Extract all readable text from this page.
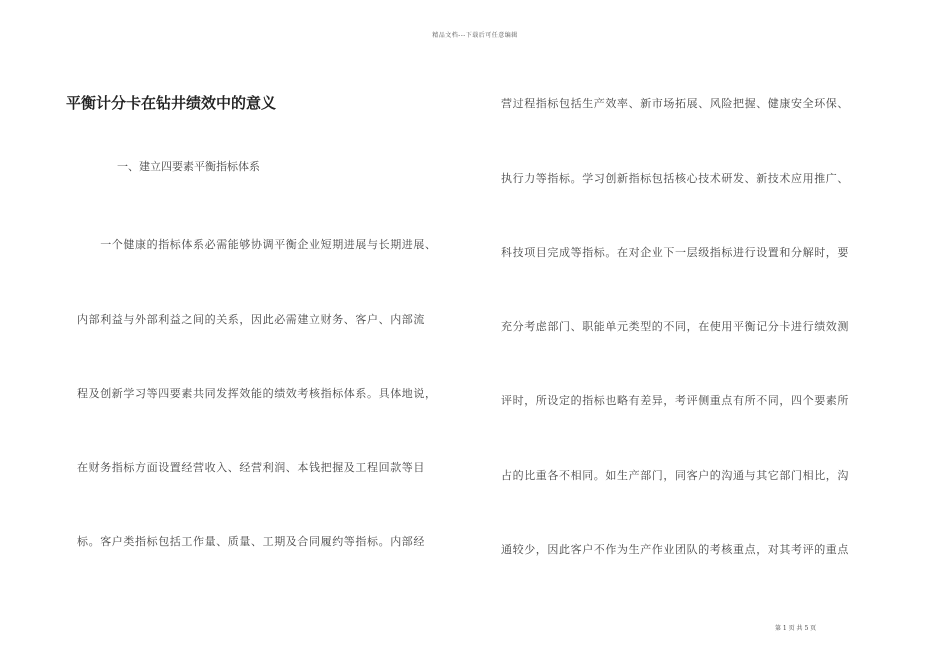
精品文档---下载后可任意编辑
平衡计分卡在钻井绩效中的意义
一、建立四要素平衡指标体系
　　一个健康的指标体系必需能够协调平衡企业短期进展与长期进展、
内部利益与外部利益之间的关系，因此必需建立财务、客户、内部流
程及创新学习等四要素共同发挥效能的绩效考核指标体系。具体地说，
在财务指标方面设置经营收入、经营利润、本钱把握及工程回款等目
标。客户类指标包括工作量、质量、工期及合同履约等指标。内部经
营过程指标包括生产效率、新市场拓展、风险把握、健康安全环保、
执行力等指标。学习创新指标包括核心技术研发、新技术应用推广、
科技项目完成等指标。在对企业下一层级指标进行设置和分解时，要
充分考虑部门、职能单元类型的不同，在使用平衡记分卡进行绩效测
评时，所设定的指标也略有差异，考评侧重点有所不同，四个要素所
占的比重各不相同。如生产部门，同客户的沟通与其它部门相比，沟
通较少，因此客户不作为生产作业团队的考核重点，对其考评的重点
第 1 页 共 5 页
